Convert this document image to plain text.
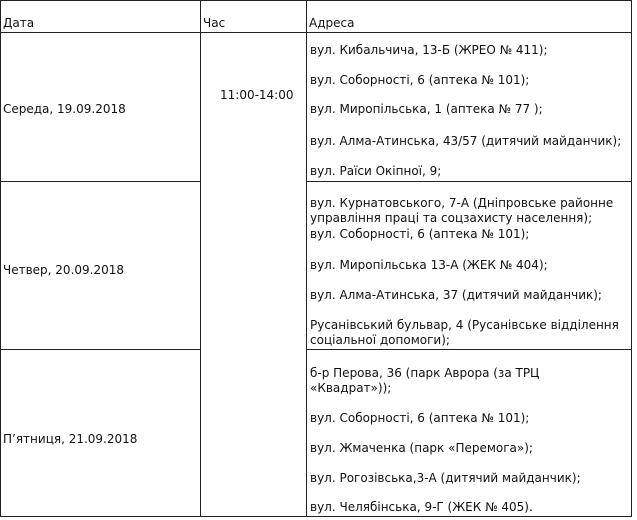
Дата	Час	Адреса
11:00-14:00
Середа, 19.09.2018
вул. Кибальчича, 13-Б (ЖРЕО № 411);
вул. Соборності, 6 (аптека № 101);
вул. Миропільська, 1 (аптека № 77 );
вул. Алма-Атинська, 43/57 (дитячий майданчик);
вул. Раїси Окіпної, 9;
Четвер, 20.09.2018
вул. Курнатовського, 7-А (Дніпровське районне управління праці та соцзахисту населення);
вул. Соборності, 6 (аптека № 101);
вул. Миропільська 13-А (ЖЕК № 404);
вул. Алма-Атинська, 37 (дитячий майданчик);
Русанівський бульвар, 4 (Русанівське відділення соціальної допомоги);
П’ятниця, 21.09.2018
б-р Перова, 36 (парк Аврора (за ТРЦ «Квадрат»));
вул. Соборності, 6 (аптека № 101);
вул. Жмаченка (парк «Перемога»);
вул. Рогозівська,3-А (дитячий майданчик);
вул. Челябінська, 9-Г (ЖЕК № 405).
